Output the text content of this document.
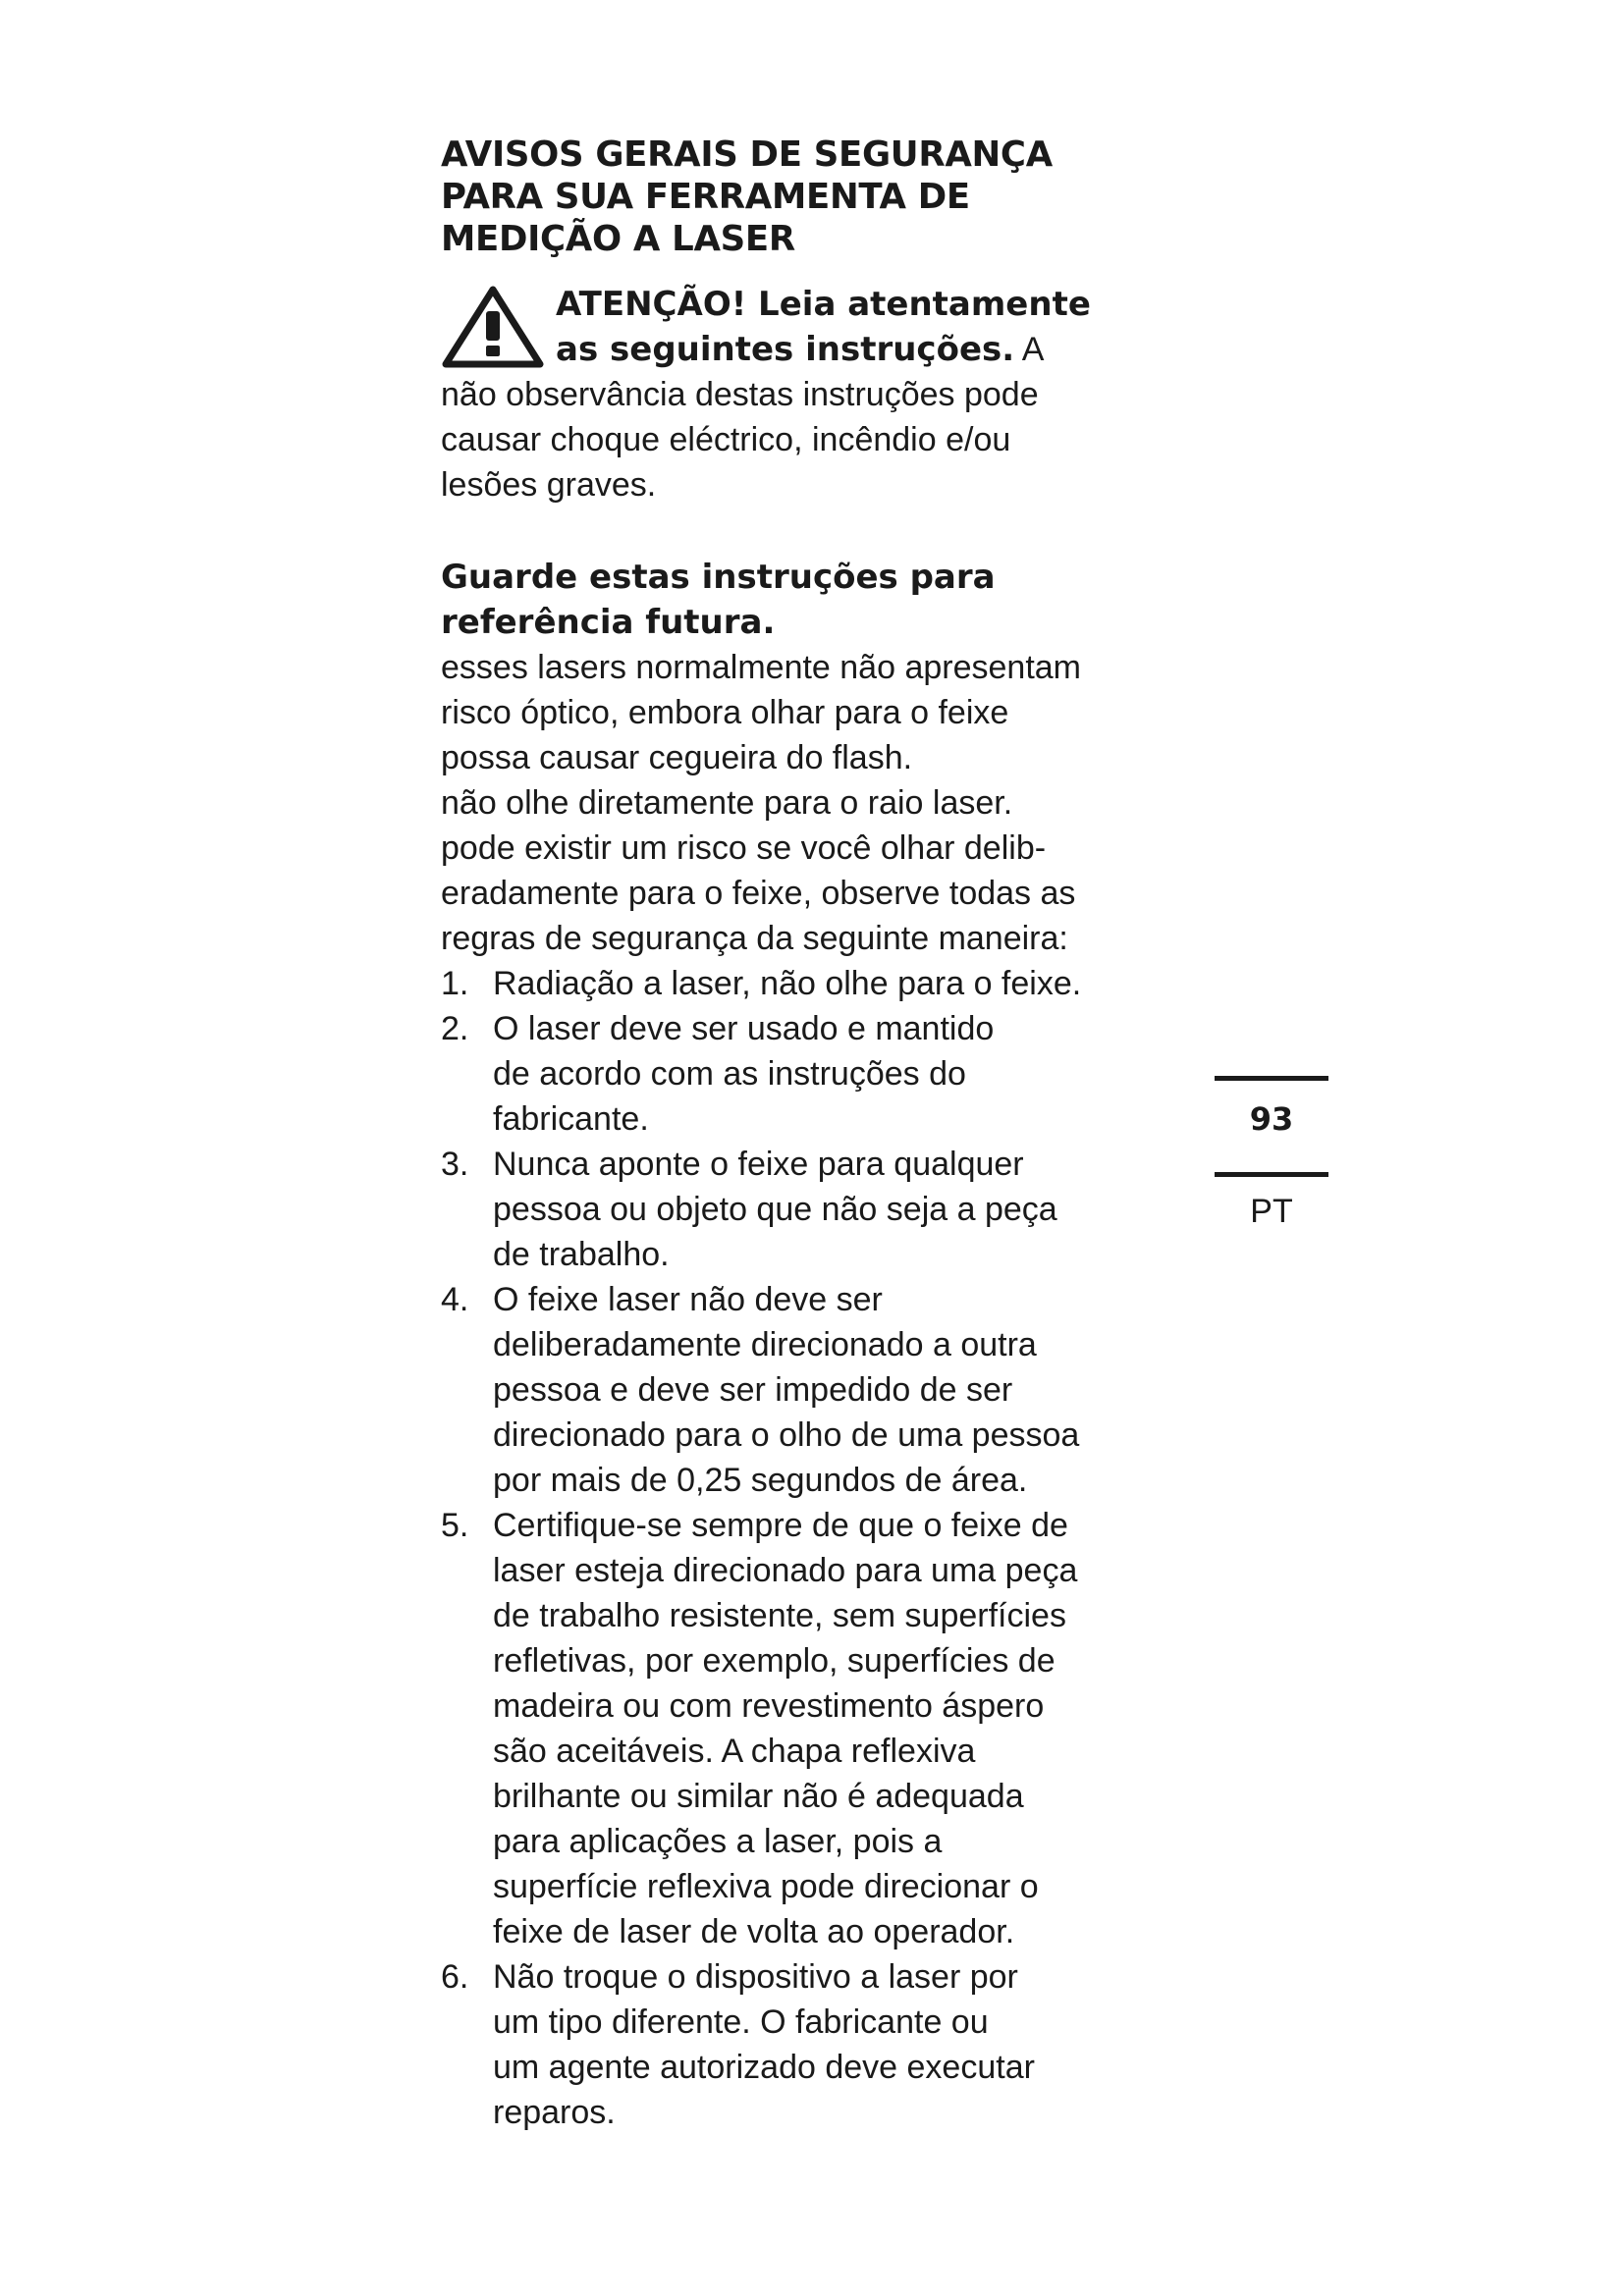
AVISOS GERAIS DE SEGURANÇA
PARA SUA FERRAMENTA DE
MEDIÇÃO A LASER
ATENÇÃO! Leia atentamente
as seguintes instruções. A
não observância destas instruções pode
causar choque eléctrico, incêndio e/ou
lesões graves.
Guarde estas instruções para
referência futura.
esses lasers normalmente não apresentam
risco óptico, embora olhar para o feixe
possa causar cegueira do flash.
não olhe diretamente para o raio laser.
pode existir um risco se você olhar delib-
eradamente para o feixe, observe todas as
regras de segurança da seguinte maneira:
1. Radiação a laser, não olhe para o feixe.
2. O laser deve ser usado e mantido
de acordo com as instruções do
fabricante.
3. Nunca aponte o feixe para qualquer
pessoa ou objeto que não seja a peça
de trabalho.
4. O feixe laser não deve ser
deliberadamente direcionado a outra
pessoa e deve ser impedido de ser
direcionado para o olho de uma pessoa
por mais de 0,25 segundos de área.
5. Certifique-se sempre de que o feixe de
laser esteja direcionado para uma peça
de trabalho resistente, sem superfícies
refletivas, por exemplo, superfícies de
madeira ou com revestimento áspero
são aceitáveis. A chapa reflexiva
brilhante ou similar não é adequada
para aplicações a laser, pois a
superfície reflexiva pode direcionar o
feixe de laser de volta ao operador.
6. Não troque o dispositivo a laser por
um tipo diferente. O fabricante ou
um agente autorizado deve executar
reparos.
93
PT
